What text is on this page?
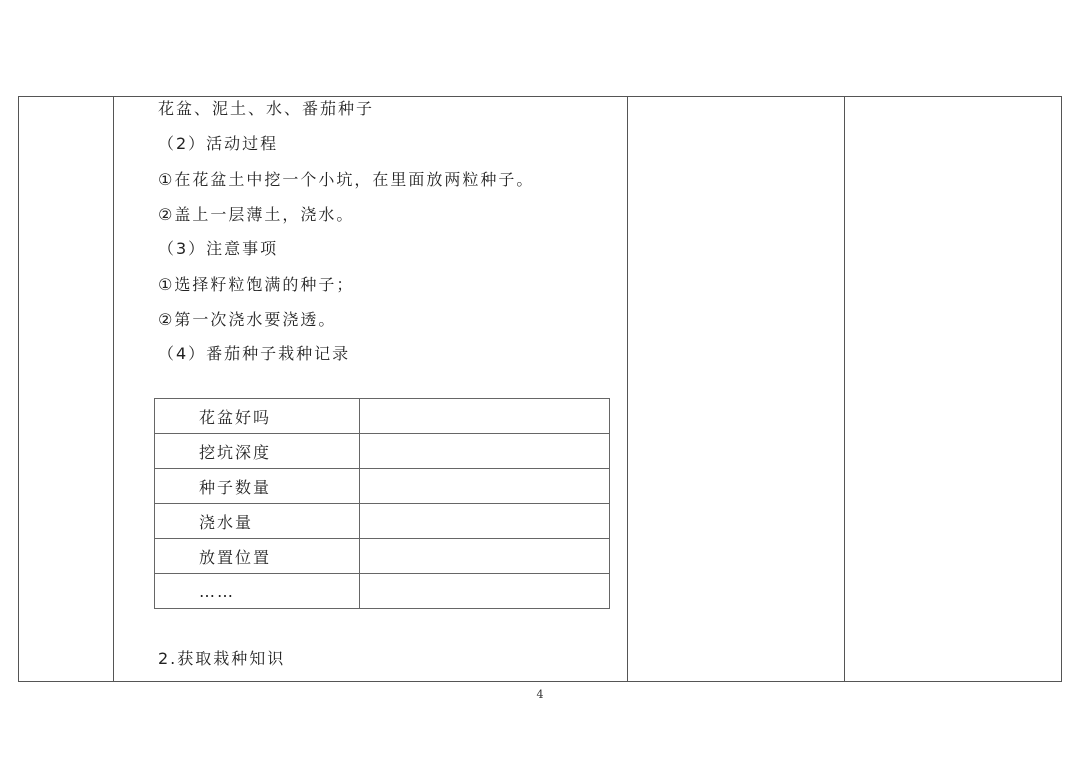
花盆、泥土、水、番茄种子
（2）活动过程
①在花盆土中挖一个小坑，在里面放两粒种子。
②盖上一层薄土，浇水。
（3）注意事项
①选择籽粒饱满的种子；
②第一次浇水要浇透。
（4）番茄种子栽种记录
花盆好吗	
挖坑深度	
种子数量	
浇水量	
放置位置	
……	
2.获取栽种知识
4
